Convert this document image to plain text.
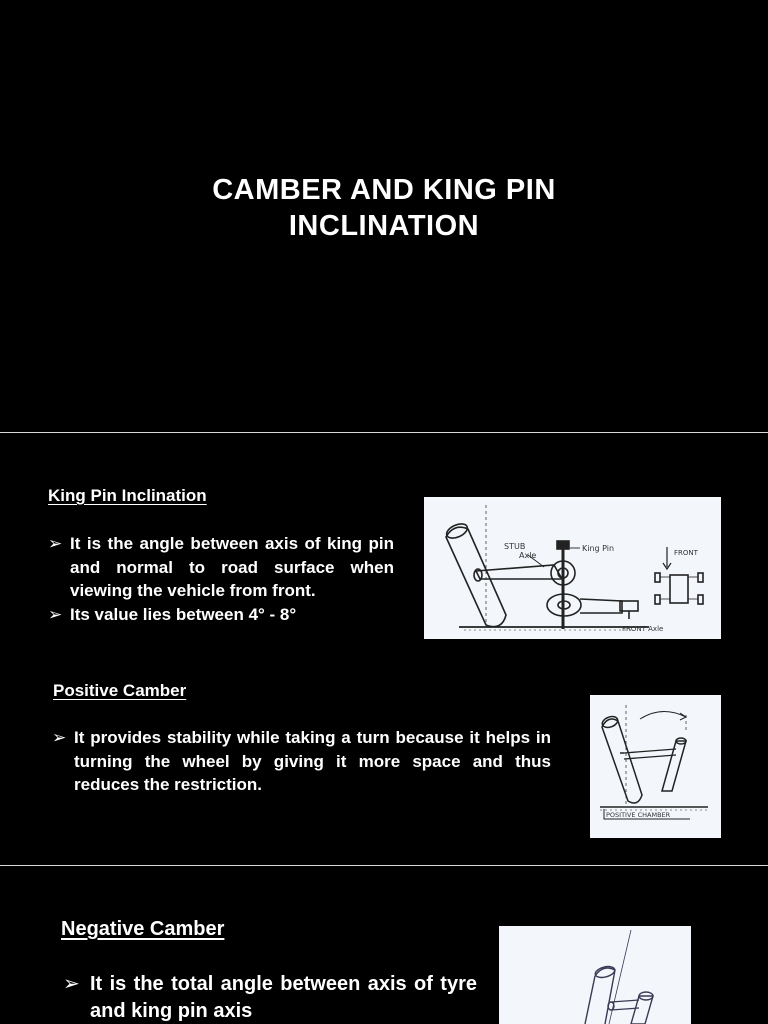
CAMBER AND KING PIN
INCLINATION
King Pin Inclination
➢ It is the angle between axis of king pin and normal to road surface when viewing the vehicle from front.
➢ Its value lies between 4° - 8°
STUB
Axle
King Pin	FRONT
FRONT Axle
Positive Camber
➢ It provides stability while taking a turn because it helps in turning the wheel by giving it more space and thus reduces the restriction.
POSITIVE CHAMBER
Negative Camber
➢ It is the total angle between axis of tyre and king pin axis
